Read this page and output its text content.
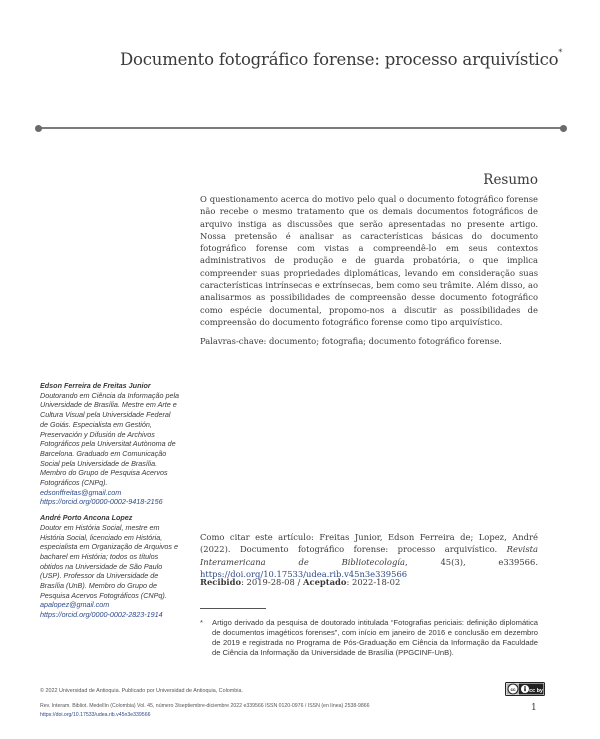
Documento fotográfico forense: processo arquivístico*
Resumo
O questionamento acerca do motivo pelo qual o documento fotográfico forense não recebe o mesmo tratamento que os demais documentos fotográficos de arquivo instiga as discussões que serão apresentadas no presente artigo. Nossa pretensão é analisar as características básicas do documento fotográfico forense com vistas a compreendê-lo em seus contextos administrativos de produção e de guarda probatória, o que implica compreender suas propriedades diplomáticas, levando em consideração suas características intrínsecas e extrínsecas, bem como seu trâmite. Além disso, ao analisarmos as possibilidades de compreensão desse documento fotográfico como espécie documental, propomo-nos a discutir as possibilidades de compreensão do documento fotográfico forense como tipo arquivístico.
Palavras-chave: documento; fotografia; documento fotográfico forense.
Edson Ferreira de Freitas Junior
Doutorando em Ciência da Informação pela Universidade de Brasília. Mestre em Arte e Cultura Visual pela Universidade Federal de Goiás. Especialista em Gestión, Preservación y Difusión de Archivos Fotográficos pela Universitat Autònoma de Barcelona. Graduado em Comunicação Social pela Universidade de Brasília. Membro do Grupo de Pesquisa Acervos Fotográficos (CNPq).
edsonffreitas@gmail.com
https://orcid.org/0000-0002-9418-2156
André Porto Ancona Lopez
Doutor em História Social, mestre em História Social, licenciado em História, especialista em Organização de Arquivos e bacharel em História; todos os títulos obtidos na Universidade de São Paulo (USP). Professor da Universidade de Brasília (UnB). Membro do Grupo de Pesquisa Acervos Fotográficos (CNPq).
apalopez@gmail.com
https://orcid.org/0000-0002-2823-1914
Como citar este artículo: Freitas Junior, Edson Ferreira de; Lopez, André (2022). Documento fotográfico forense: processo arquivístico. Revista Interamericana de Bibliotecología, 45(3), e339566. https://doi.org/10.17533/udea.rib.v45n3e339566
Recibido: 2019-28-08 / Aceptado: 2022-18-02
*	Artigo derivado da pesquisa de doutorado intitulada “Fotografias periciais: definição diplomática de documentos imagéticos forenses”, com início em janeiro de 2016 e conclusão em dezembro de 2019 e registrada no Programa de Pós-Graduação em Ciência da Informação da Faculdade de Ciência da Informação da Universidade de Brasília (PPGCINF-UnB).
© 2022 Universidad de Antioquia. Publicado por Universidad de Antioquia, Colombia.	cc	cc by
Rev. Interam. Bibliot. Medellín (Colombia) Vol. 45, número 3/septiembre-diciembre 2022 e339566 ISSN 0120-0976 / ISSN (en línea) 2538-9866
https://doi.org/10.17533/udea.rib.v45n3e339566
1
